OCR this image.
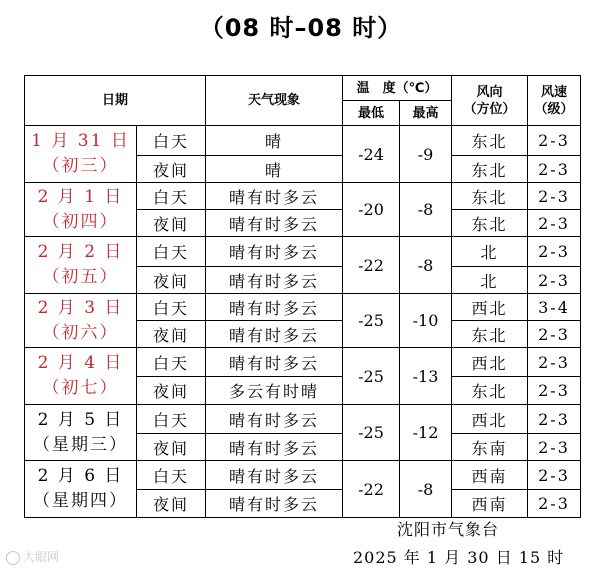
（08 时–08 时）
日期		天气现象	温　度（℃）		风向
（方位）	风速
（级）
			最低	最高		
1 月 31 日
（初三）	白天	晴	-24	-9	东北	2-3
	夜间	晴			东北	2-3
2 月 1 日
（初四）	白天	晴有时多云	-20	-8	东北	2-3
	夜间	晴有时多云			东北	2-3
2 月 2 日
（初五）	白天	晴有时多云	-22	-8	北	2-3
	夜间	晴有时多云			北	2-3
2 月 3 日
（初六）	白天	晴有时多云	-25	-10	西北	3-4
	夜间	晴有时多云			东北	2-3
2 月 4 日
（初七）	白天	晴有时多云	-25	-13	西北	2-3
	夜间	多云有时晴			东北	2-3
2 月 5 日
（星期三）	白天	晴有时多云	-25	-12	西北	2-3
	夜间	晴有时多云			东南	2-3
2 月 6 日
（星期四）	白天	晴有时多云	-22	-8	西南	2-3
	夜间	晴有时多云			西南	2-3
沈阳市气象台
2025 年 1 月 30 日 15 时
大眼网
